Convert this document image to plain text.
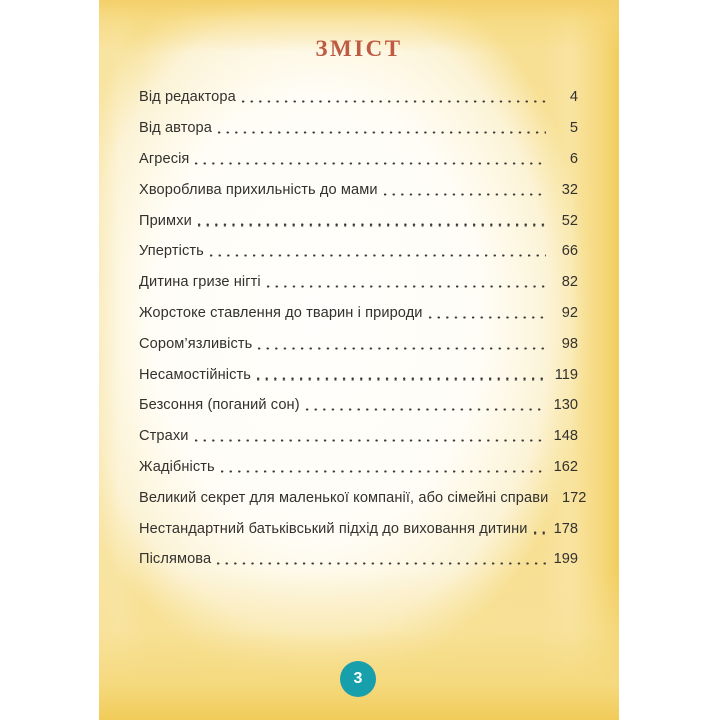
ЗМІСТ
Від редактора	4
Від автора	5
Агресія	6
Хвороблива прихильність до мами	32
Примхи	52
Упертість	66
Дитина гризе нігті	82
Жорстоке ставлення до тварин і природи	92
Сором’язливість	98
Несамостійність	119
Безсоння (поганий сон)	130
Страхи	148
Жадібність	162
Великий секрет для маленької компанії, або сімейні справи 172
Нестандартний батьківський підхід до виховання дитини 178
Післямова	199
3
